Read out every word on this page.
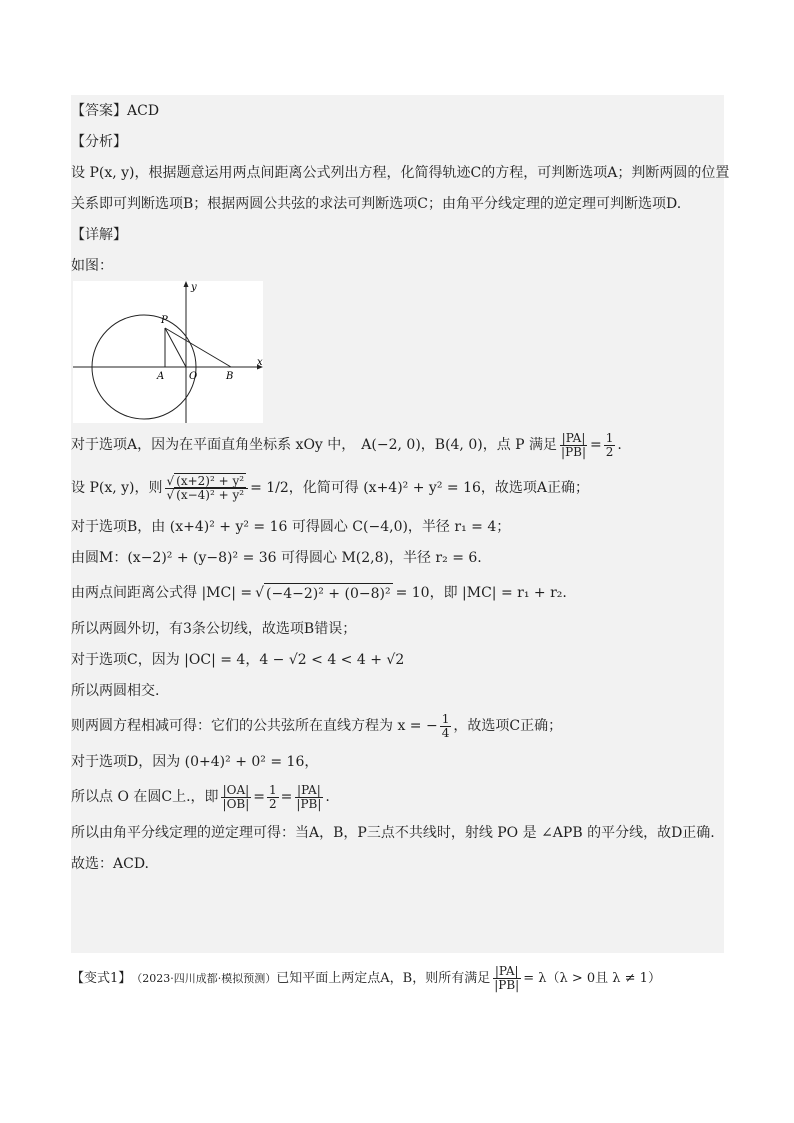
【答案】 ACD
【分析】
设 P(x, y)，根据题意运用两点间距离公式列出方程，化简得轨迹C的方程，可判断选项A；判断两圆的位置
关系即可判断选项B；根据两圆公共弦的求法可判断选项C；由角平分线定理的逆定理可判断选项D.
【详解】
如图：
y
x
P
A O	B
对于选项A，因为在平面直角坐标系 xOy 中， A(−2, 0)，B(4, 0)，点 P 满足 $\frac{|PA|}{|PB|} = \frac{1}{2}$ .
设 P(x, y)，则 $\frac{\text{√ (x+2)² + y²}}{\text{√ (x−4)² + y²}} = 1/2$，化简可得 (x+4)² + y² = 16，故选项A正确；
对于选项B，由 (x+4)² + y² = 16 可得圆心 C(−4,0)，半径 r₁ = 4；
由圆M：(x−2)² + (y−8)² = 36 可得圆心 M(2,8)，半径 r₂ = 6.
由两点间距离公式得 |MC| = √ (−4−2)² + (0−8)² = 10，即 |MC| = r₁ + r₂.
所以两圆外切，有3条公切线，故选项B错误；
对于选项C，因为 |OC| = 4，4 − √2 < 4 < 4 + √2
所以两圆相交.
则两圆方程相减可得：它们的公共弦所在直线方程为 x = − $\frac{1}{4}$ ，故选项C正确；
对于选项D，因为 (0+4)² + 0² = 16，
所以点 O 在圆C上.，即 $\frac{|OA|}{|OB|} = \frac{1}{2} = \frac{|PA|}{|PB|}$ .
所以由角平分线定理的逆定理可得：当A，B，P三点不共线时，射线 PO 是 ∠APB 的平分线，故D正确.
故选：ACD.
【变式1】 （2023·四川成都·模拟预测） 已知平面上两定点A，B，则所有满足 $\frac{|PA|}{|PB|} = \lambda(\lambda > 0$且 λ ≠ 1）
